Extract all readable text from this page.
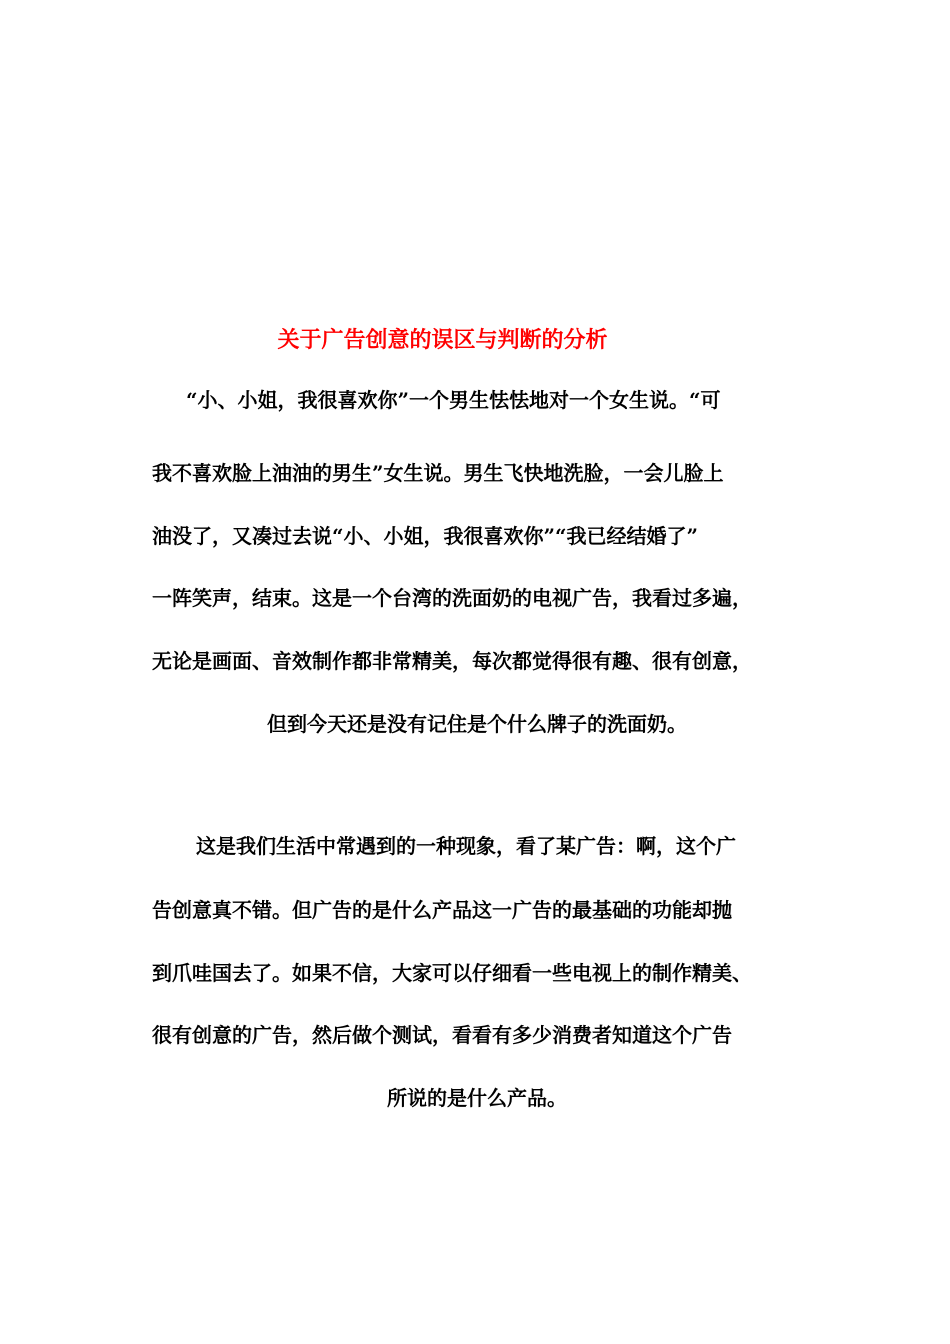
关于广告创意的误区与判断的分析
“小、小姐，我很喜欢你”一个男生怯怯地对一个女生说。“可
我不喜欢脸上油油的男生”女生说。男生飞快地洗脸，一会儿脸上
油没了，又凑过去说“小、小姐，我很喜欢你”“我已经结婚了”
一阵笑声，结束。这是一个台湾的洗面奶的电视广告，我看过多遍，
无论是画面、音效制作都非常精美，每次都觉得很有趣、很有创意，
但到今天还是没有记住是个什么牌子的洗面奶。
这是我们生活中常遇到的一种现象，看了某广告：啊，这个广
告创意真不错。但广告的是什么产品这一广告的最基础的功能却抛
到爪哇国去了。如果不信，大家可以仔细看一些电视上的制作精美、
很有创意的广告，然后做个测试，看看有多少消费者知道这个广告
所说的是什么产品。
